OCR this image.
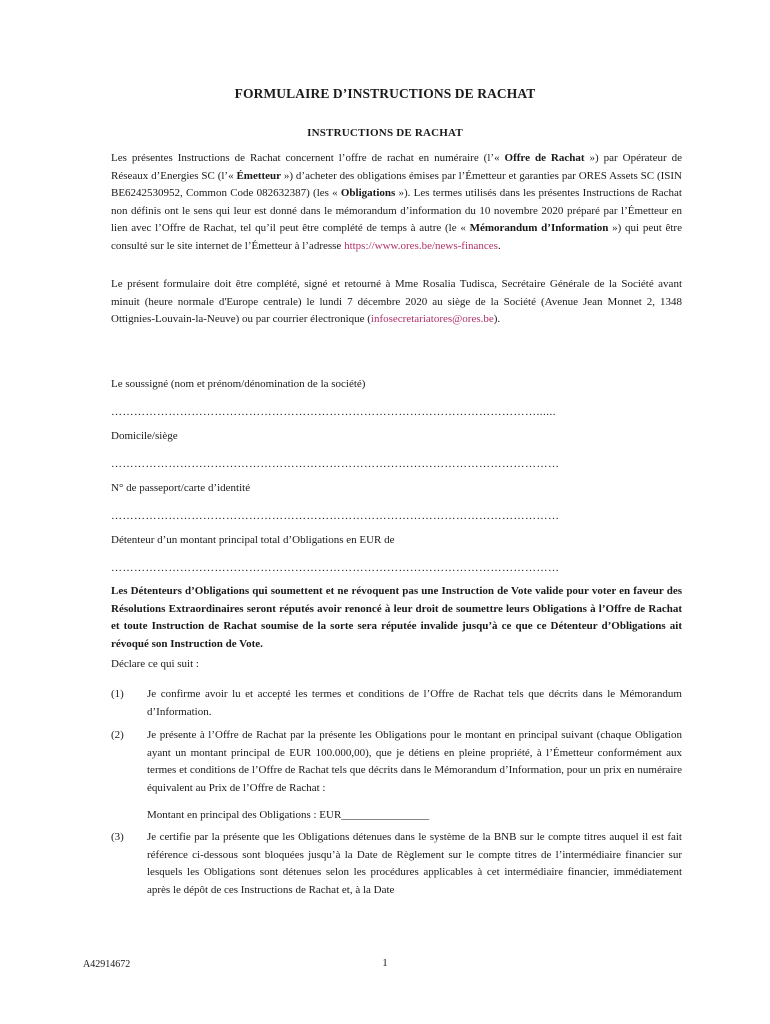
FORMULAIRE D’INSTRUCTIONS DE RACHAT
INSTRUCTIONS DE RACHAT
Les présentes Instructions de Rachat concernent l’offre de rachat en numéraire (l’« Offre de Rachat ») par Opérateur de Réseaux d’Energies SC (l’« Émetteur ») d’acheter des obligations émises par l’Émetteur et garanties par ORES Assets SC (ISIN BE6242530952, Common Code 082632387) (les « Obligations »). Les termes utilisés dans les présentes Instructions de Rachat non définis ont le sens qui leur est donné dans le mémorandum d’information du 10 novembre 2020 préparé par l’Émetteur en lien avec l’Offre de Rachat, tel qu’il peut être complété de temps à autre (le « Mémorandum d’Information ») qui peut être consulté sur le site internet de l’Émetteur à l’adresse https://www.ores.be/news-finances.
Le présent formulaire doit être complété, signé et retourné à Mme Rosalia Tudisca, Secrétaire Générale de la Société avant minuit (heure normale d'Europe centrale) le lundi 7 décembre 2020 au siège de la Société (Avenue Jean Monnet 2, 1348 Ottignies-Louvain-la-Neuve) ou par courrier électronique (infosecretariatores@ores.be).
Le soussigné (nom et prénom/dénomination de la société)
…………………………………………………………………………………………………......
Domicile/siège
………………………………………………………………………………………………………
N° de passeport/carte d’identité
………………………………………………………………………………………………………
Détenteur d’un montant principal total d’Obligations en EUR de
………………………………………………………………………………………………………
Les Détenteurs d’Obligations qui soumettent et ne révoquent pas une Instruction de Vote valide pour voter en faveur des Résolutions Extraordinaires seront réputés avoir renoncé à leur droit de soumettre leurs Obligations à l’Offre de Rachat et toute Instruction de Rachat soumise de la sorte sera réputée invalide jusqu’à ce que ce Détenteur d’Obligations ait révoqué son Instruction de Vote.
Déclare ce qui suit :
(1) Je confirme avoir lu et accepté les termes et conditions de l’Offre de Rachat tels que décrits dans le Mémorandum d’Information.
(2) Je présente à l’Offre de Rachat par la présente les Obligations pour le montant en principal suivant (chaque Obligation ayant un montant principal de EUR 100.000,00), que je détiens en pleine propriété, à l’Émetteur conformément aux termes et conditions de l’Offre de Rachat tels que décrits dans le Mémorandum d’Information, pour un prix en numéraire équivalent au Prix de l’Offre de Rachat :
Montant en principal des Obligations : EUR________________
(3) Je certifie par la présente que les Obligations détenues dans le système de la BNB sur le compte titres auquel il est fait référence ci-dessous sont bloquées jusqu’à la Date de Règlement sur le compte titres de l’intermédiaire financier sur lesquels les Obligations sont détenues selon les procédures applicables à cet intermédiaire financier, immédiatement après le dépôt de ces Instructions de Rachat et, à la Date
A42914672	1
